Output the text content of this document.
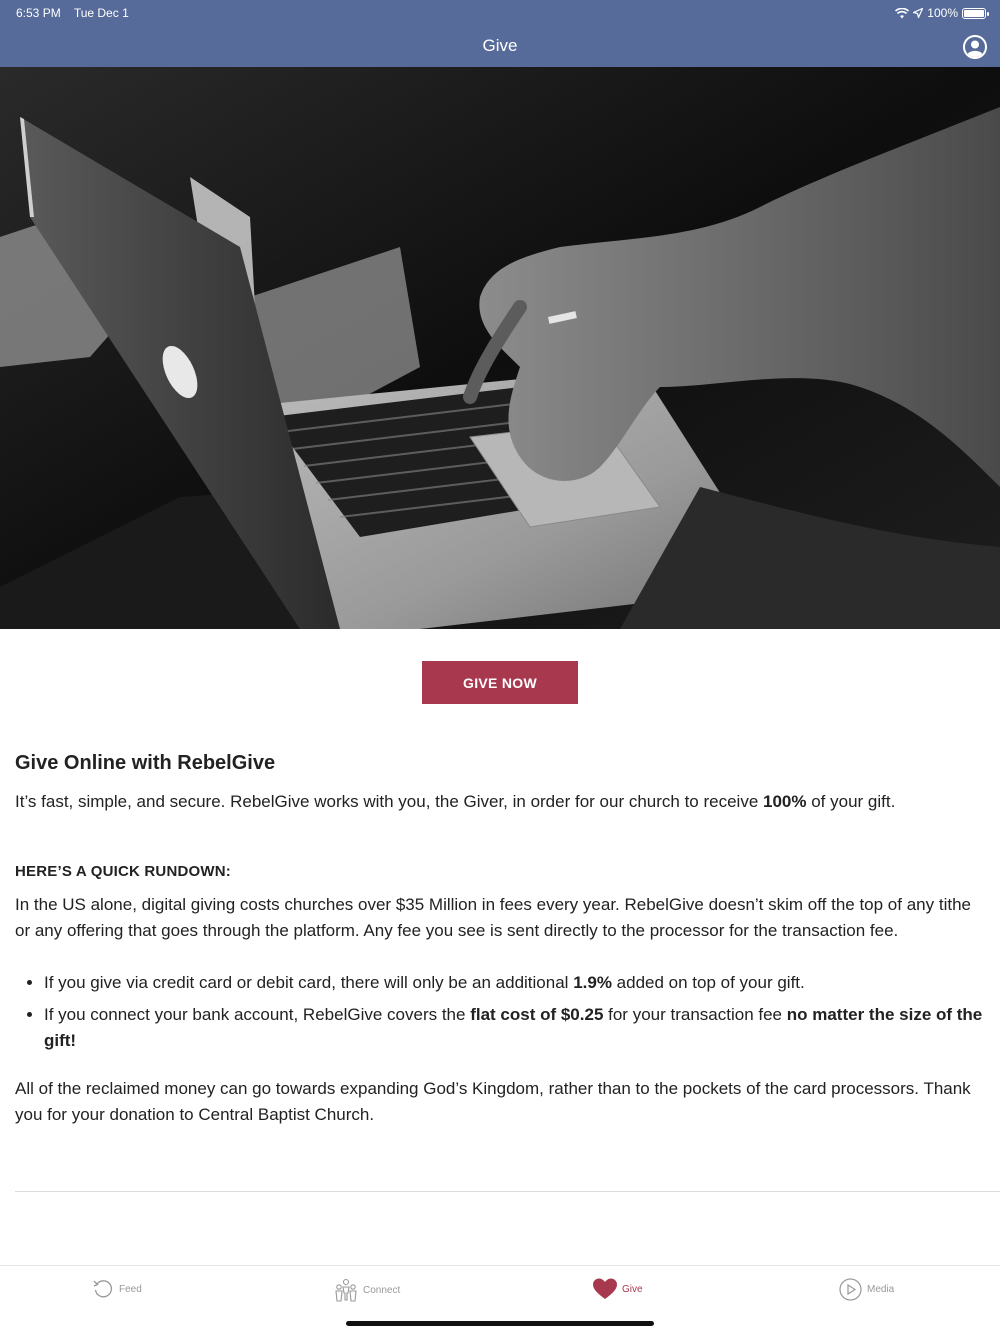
6:53 PM Tue Dec 1	100%
Give
GIVE NOW
Give Online with RebelGive
It’s fast, simple, and secure. RebelGive works with you, the Giver, in order for our church to receive 100% of your gift.
HERE’S A QUICK RUNDOWN:
In the US alone, digital giving costs churches over $35 Million in fees every year. RebelGive doesn’t skim off the top of any tithe or any offering that goes through the platform. Any fee you see is sent directly to the processor for the transaction fee.
• If you give via credit card or debit card, there will only be an additional 1.9% added on top of your gift.
• If you connect your bank account, RebelGive covers the flat cost of $0.25 for your transaction fee no matter the size of the gift!
All of the reclaimed money can go towards expanding God’s Kingdom, rather than to the pockets of the card processors. Thank you for your donation to Central Baptist Church.
Feed	Connect	Give	Media
